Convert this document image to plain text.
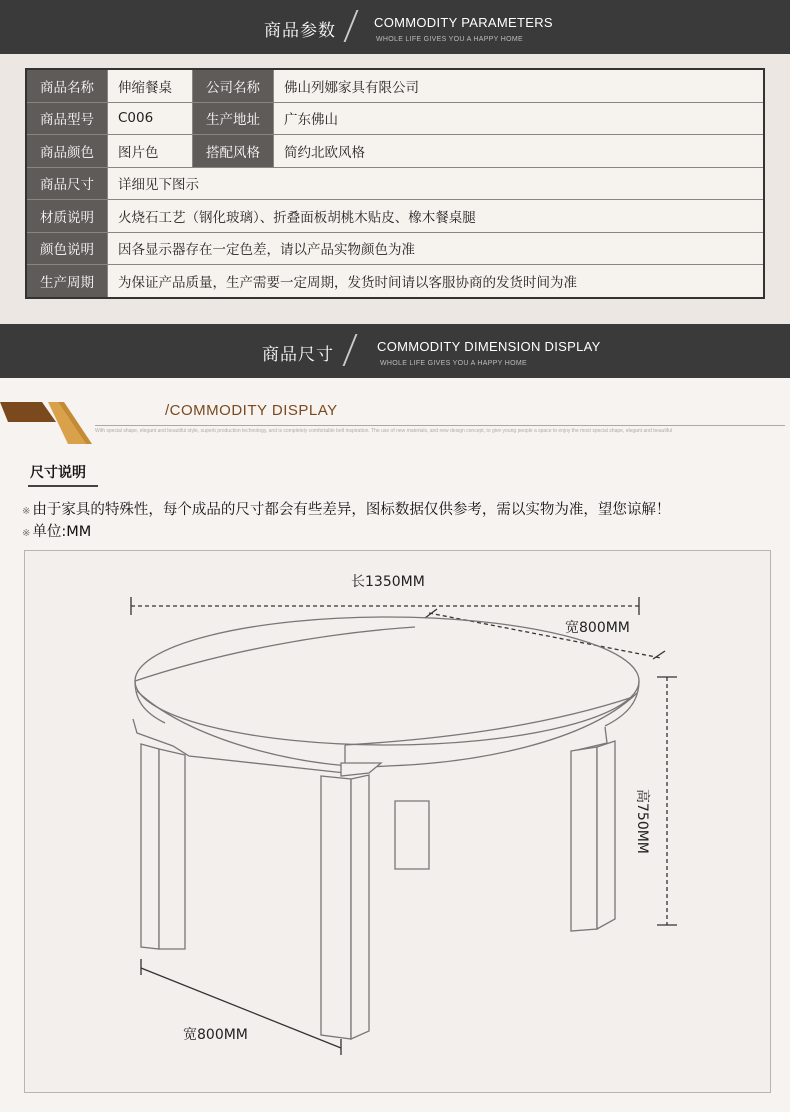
商品参数	COMMODITY PARAMETERS
WHOLE LIFE GIVES YOU A HAPPY HOME
商品名称	伸缩餐桌	公司名称	佛山列娜家具有限公司
商品型号	C006	生产地址	广东佛山
商品颜色	图片色	搭配风格	简约北欧风格
商品尺寸	详细见下图示		
材质说明	火烧石工艺（钢化玻璃）、折叠面板胡桃木贴皮、橡木餐桌腿		
颜色说明	因各显示器存在一定色差，请以产品实物颜色为准		
生产周期	为保证产品质量，生产需要一定周期，发货时间请以客服协商的发货时间为准		
商品尺寸	COMMODITY DIMENSION DISPLAY
WHOLE LIFE GIVES YOU A HAPPY HOME
/COMMODITY DISPLAY
With special shape, elegant and beautiful style, superb production technology, and is completely comfortable belt inspiration. The use of new materials, and new design concept, to give young people a space to enjoy the most special shape, elegant and beautiful
尺寸说明
※ 由于家具的特殊性，每个成品的尺寸都会有些差异，图标数据仅供参考，需以实物为准，望您谅解！
※ 单位:MM
长1350MM
宽800MM
高750MM
宽800MM
